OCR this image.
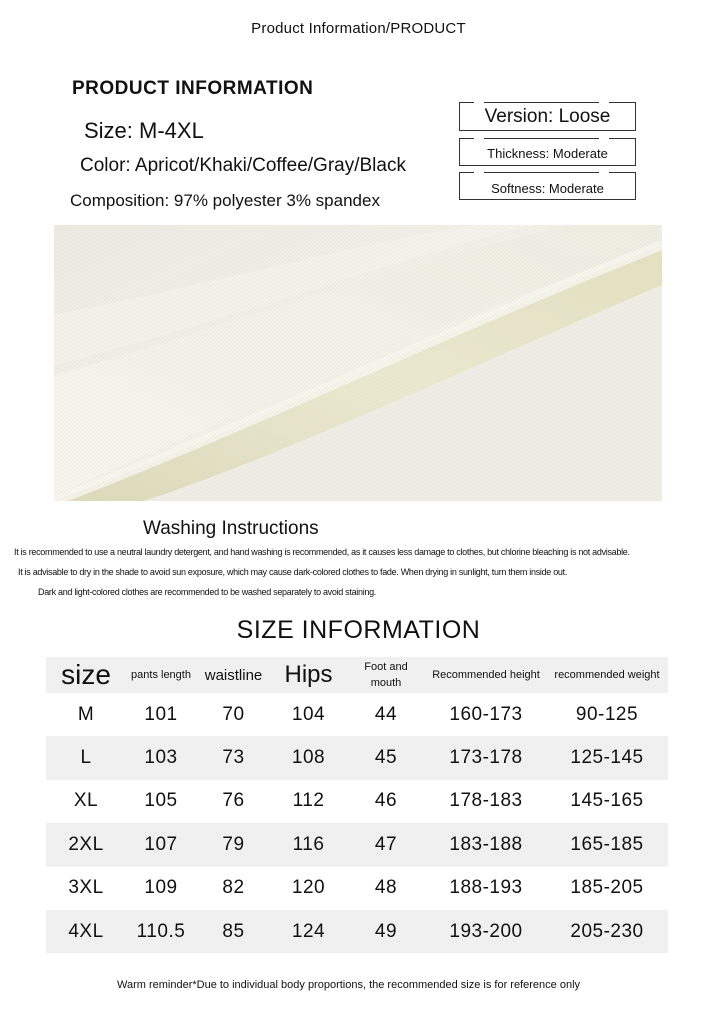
Product Information/PRODUCT
PRODUCT INFORMATION
Size: M-4XL
Color: Apricot/Khaki/Coffee/Gray/Black
Composition: 97% polyester 3% spandex
Version: Loose
Thickness: Moderate
Softness: Moderate
Washing Instructions
It is recommended to use a neutral laundry detergent, and hand washing is recommended, as it causes less damage to clothes, but chlorine bleaching is not advisable.
It is advisable to dry in the shade to avoid sun exposure, which may cause dark-colored clothes to fade. When drying in sunlight, turn them inside out.
Dark and light-colored clothes are recommended to be washed separately to avoid staining.
SIZE INFORMATION
size	pants length	waistline	Hips	Foot and mouth	Recommended height	recommended weight
M	101	70	104	44	160-173	90-125
L	103	73	108	45	173-178	125-145
XL	105	76	112	46	178-183	145-165
2XL	107	79	116	47	183-188	165-185
3XL	109	82	120	48	188-193	185-205
4XL	110.5	85	124	49	193-200	205-230
Warm reminder*Due to individual body proportions, the recommended size is for reference only
